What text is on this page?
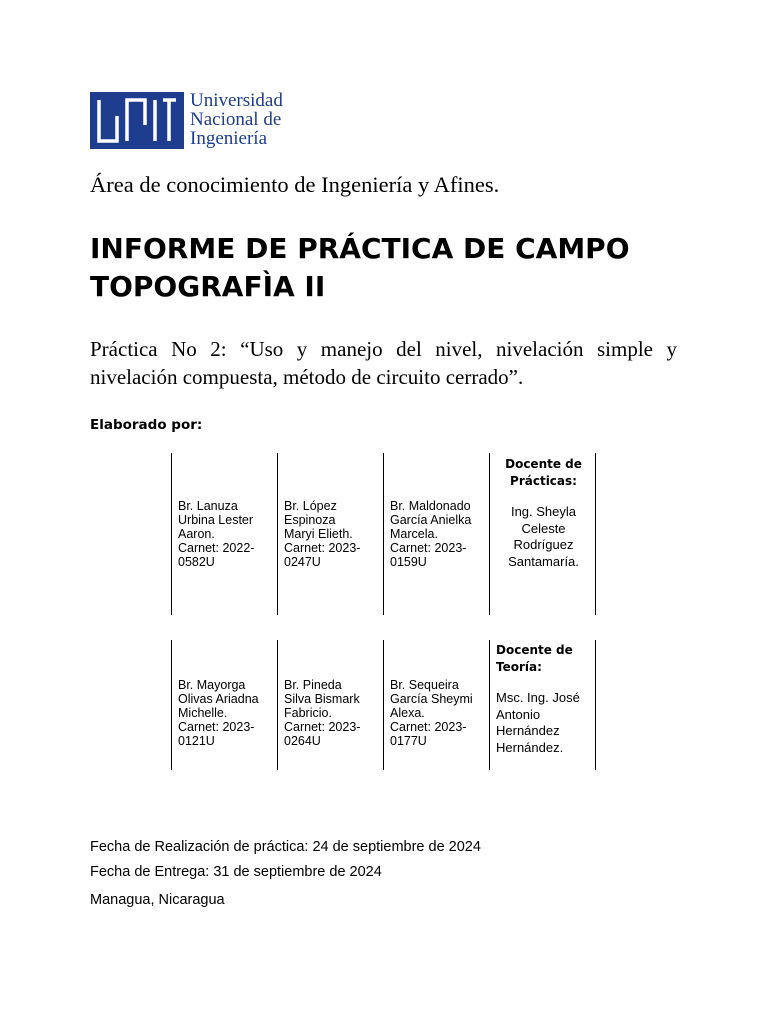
Universidad
Nacional de
Ingeniería
Área de conocimiento de Ingeniería y Afines.
INFORME DE PRÁCTICA DE CAMPO
TOPOGRAFÌA II

Práctica No 2: “Uso y manejo del nivel, nivelación simple y nivelación compuesta, método de circuito cerrado”.

Elaborado por:
Br. Lanuza
Urbina Lester
Aaron.
Carnet: 2022-
0582U
Br. López
Espinoza
Maryi Elieth.
Carnet: 2023-
0247U
Br. Maldonado
García Anielka
Marcela.
Carnet: 2023-
0159U
Docente de
Prácticas:
Ing. Sheyla
Celeste
Rodríguez
Santamaría.
Br. Mayorga
Olivas Ariadna
Michelle.
Carnet: 2023-
0121U
Br. Pineda
Silva Bismark
Fabricio.
Carnet: 2023-
0264U
Br. Sequeira
García Sheymi
Alexa.
Carnet: 2023-
0177U
Docente de
Teoría:
Msc. Ing. José
Antonio
Hernández
Hernández.
Fecha de Realización de práctica: 24 de septiembre de 2024
Fecha de Entrega: 31 de septiembre de 2024
Managua, Nicaragua
